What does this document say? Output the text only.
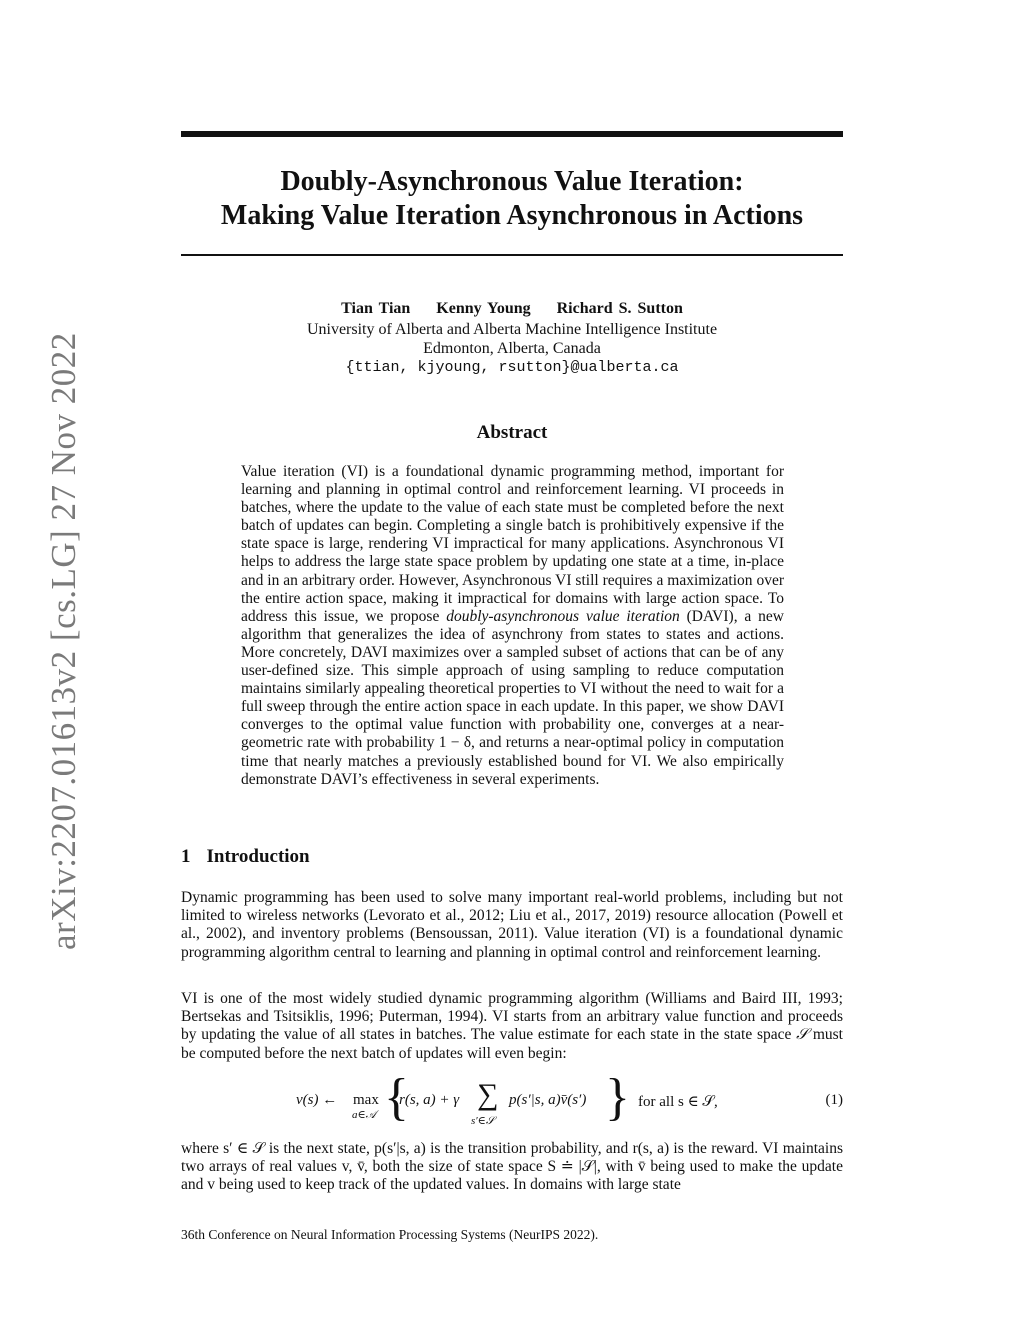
arXiv:2207.01613v2 [cs.LG] 27 Nov 2022
Doubly-Asynchronous Value Iteration:
Making Value Iteration Asynchronous in Actions
Tian Tian Kenny Young Richard S. Sutton
University of Alberta and Alberta Machine Intelligence Institute
Edmonton, Alberta, Canada
{ttian, kjyoung, rsutton}@ualberta.ca
Abstract
Value iteration (VI) is a foundational dynamic programming method, important for learning and planning in optimal control and reinforcement learning. VI proceeds in batches, where the update to the value of each state must be completed before the next batch of updates can begin. Completing a single batch is prohibitively expensive if the state space is large, rendering VI impractical for many applications. Asynchronous VI helps to address the large state space problem by updating one state at a time, in-place and in an arbitrary order. However, Asynchronous VI still requires a maximization over the entire action space, making it impractical for domains with large action space. To address this issue, we propose doubly-asynchronous value iteration (DAVI), a new algorithm that generalizes the idea of asynchrony from states to states and actions. More concretely, DAVI maximizes over a sampled subset of actions that can be of any user-defined size. This simple approach of using sampling to reduce computation maintains similarly appealing theoretical properties to VI without the need to wait for a full sweep through the entire action space in each update. In this paper, we show DAVI converges to the optimal value function with probability one, converges at a near-geometric rate with probability 1 − δ, and returns a near-optimal policy in computation time that nearly matches a previously established bound for VI. We also empirically demonstrate DAVI’s effectiveness in several experiments.
1 Introduction
Dynamic programming has been used to solve many important real-world problems, including but not limited to wireless networks (Levorato et al., 2012; Liu et al., 2017, 2019) resource allocation (Powell et al., 2002), and inventory problems (Bensoussan, 2011). Value iteration (VI) is a foundational dynamic programming algorithm central to learning and planning in optimal control and reinforcement learning.
VI is one of the most widely studied dynamic programming algorithm (Williams and Baird III, 1993; Bertsekas and Tsitsiklis, 1996; Puterman, 1994). VI starts from an arbitrary value function and proceeds by updating the value of all states in batches. The value estimate for each state in the state space 𝒮 must be computed before the next batch of updates will even begin:
v(s) ← max
a∈𝒜 {
r(s, a) + γ ∑
s′∈𝒮
p(s′|s, a)v̄(s′) } for all s ∈ 𝒮,	(1)
where s′ ∈ 𝒮 is the next state, p(s′|s, a) is the transition probability, and r(s, a) is the reward. VI maintains two arrays of real values v, v̄, both the size of state space S ≐ |𝒮|, with v̄ being used to make the update and v being used to keep track of the updated values. In domains with large state
36th Conference on Neural Information Processing Systems (NeurIPS 2022).
